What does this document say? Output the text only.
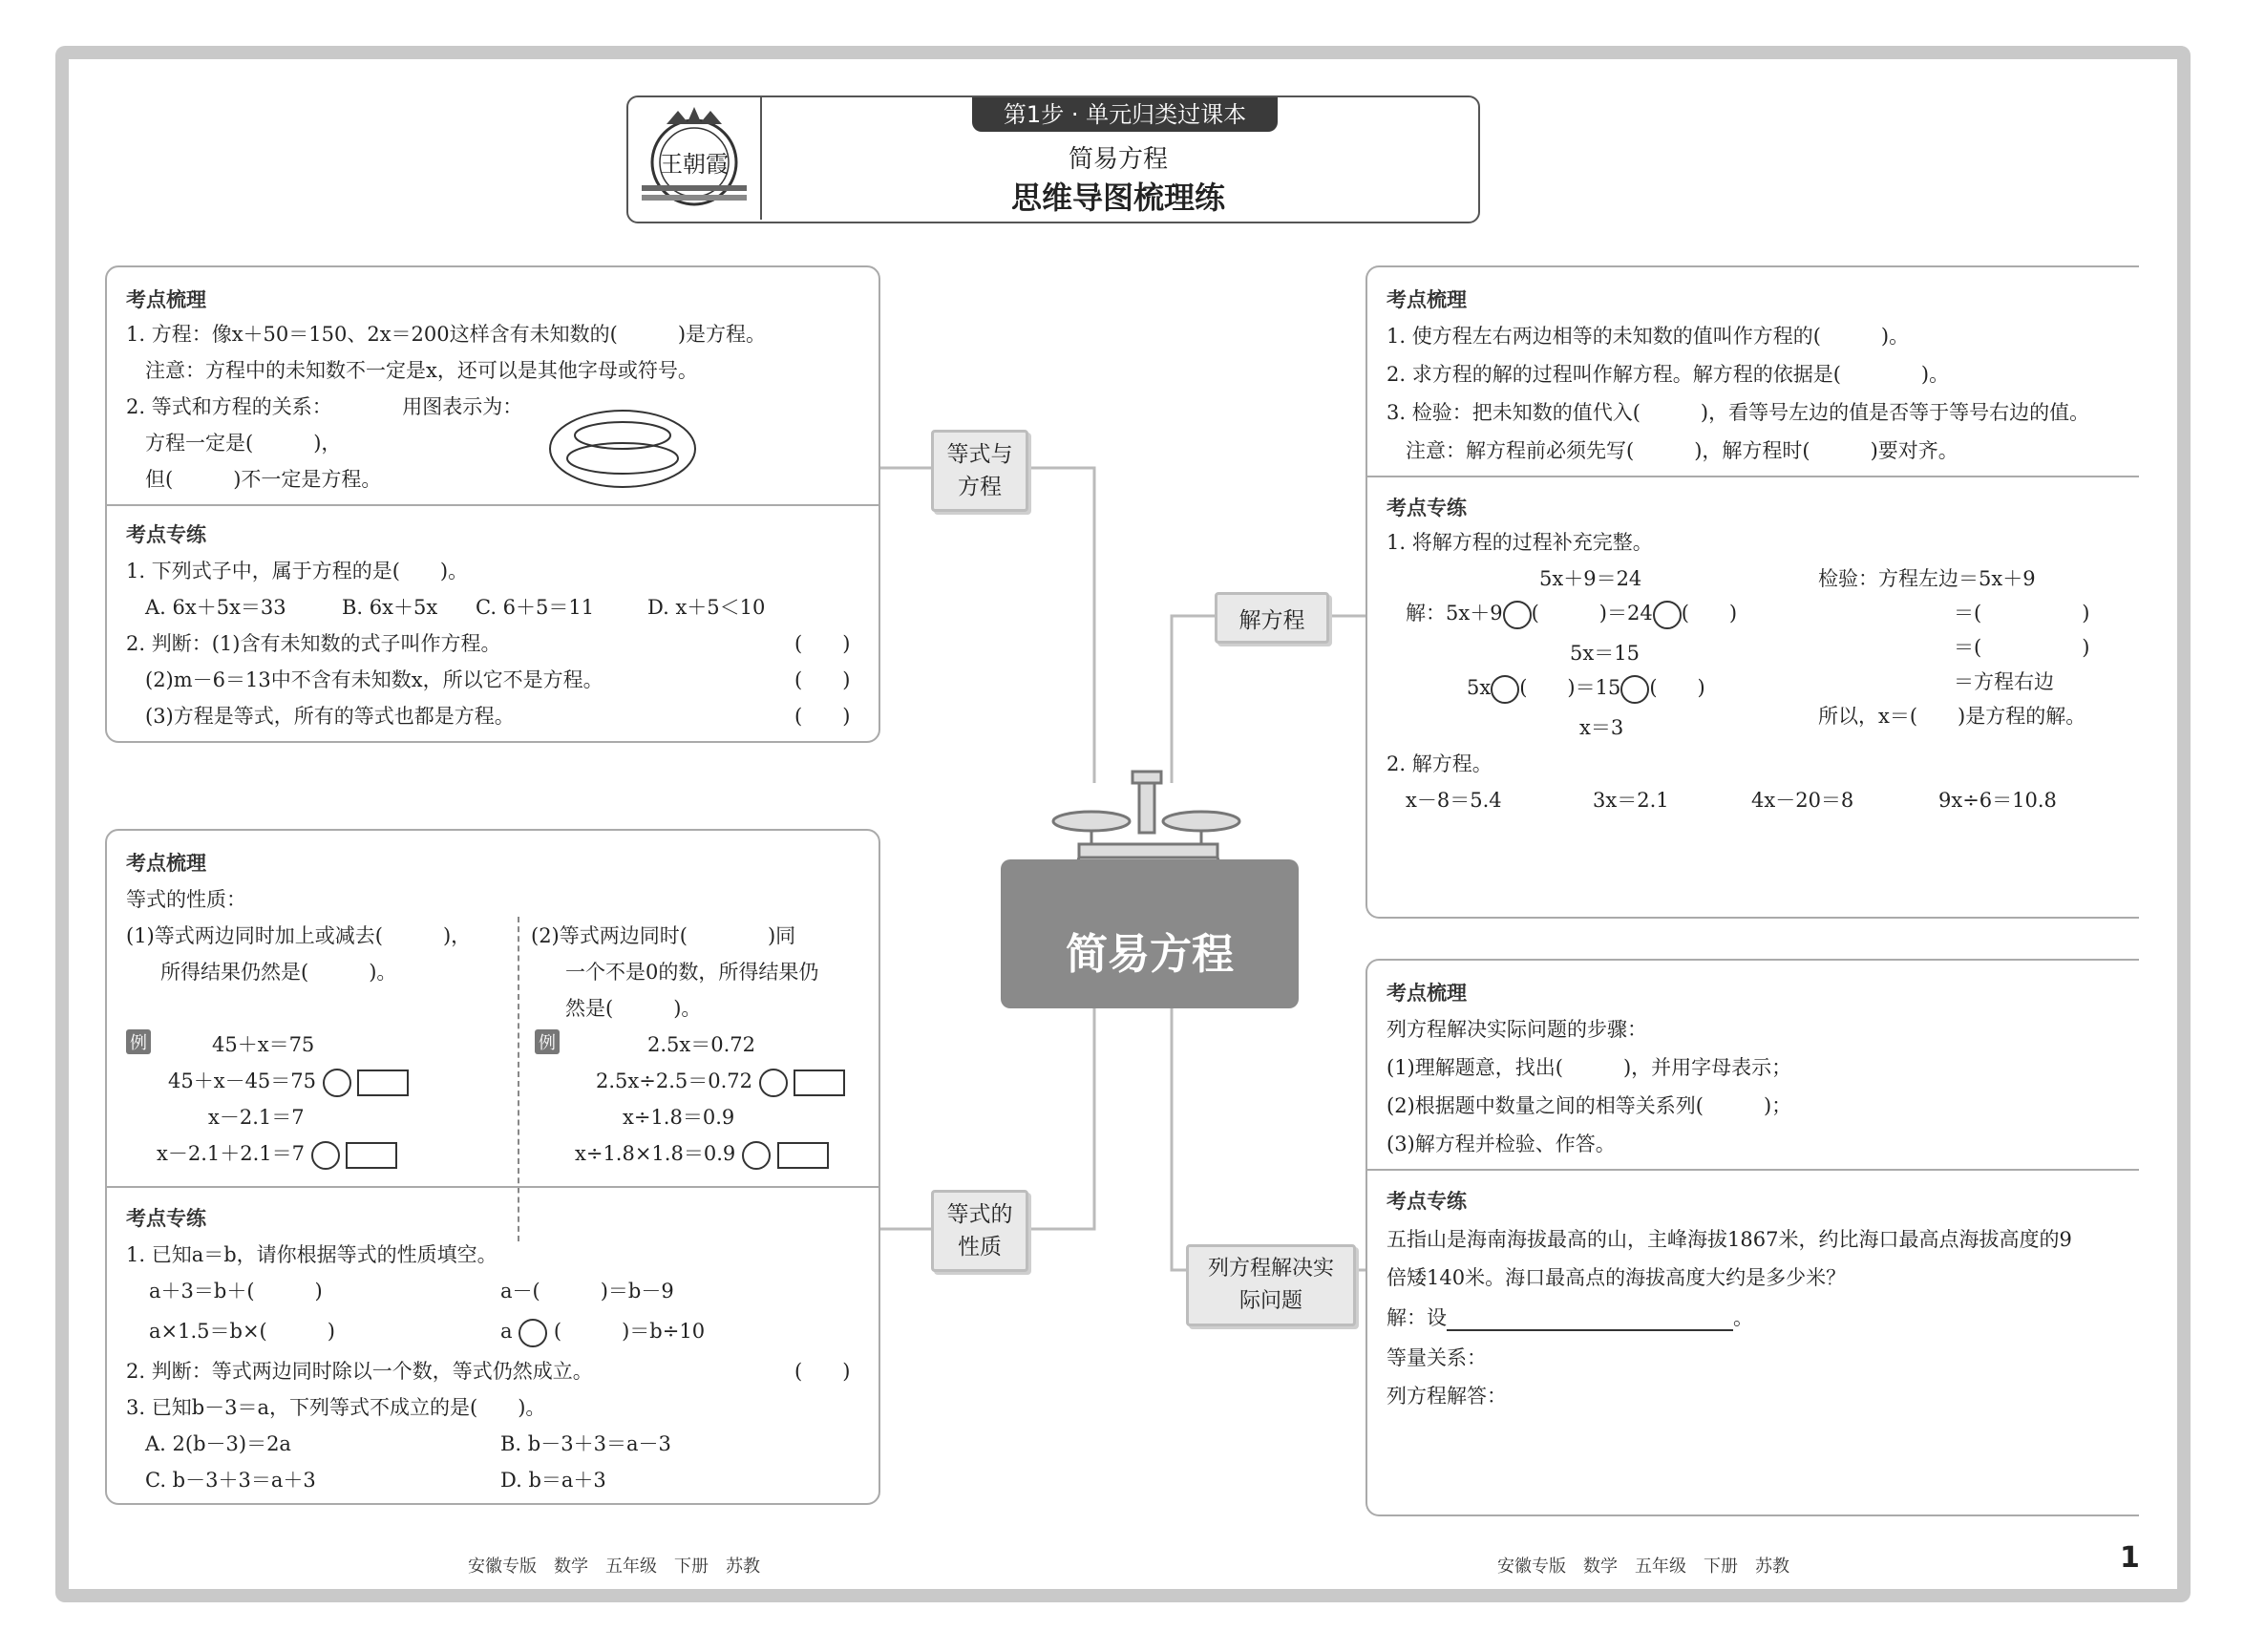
王朝霞
第1步 · 单元归类过课本
简易方程
思维导图梳理练
简易方程
等式与
方程
等式的
性质
解方程
列方程解决实
际问题
考点梳理
1. 方程：像x＋50＝150、2x＝200这样含有未知数的(　　　)是方程。
注意：方程中的未知数不一定是x，还可以是其他字母或符号。
2. 等式和方程的关系：　　　　用图表示为：
方程一定是(　　　)，
但(　　　)不一定是方程。
考点专练
1. 下列式子中，属于方程的是(　　)。
A. 6x＋5x＝33	B. 6x＋5x C. 6＋5＝11	D. x＋5＜10
2. 判断：(1)含有未知数的式子叫作方程。	(　　)
(2)m－6＝13中不含有未知数x，所以它不是方程。	(　　)
(3)方程是等式，所有的等式也都是方程。	(　　)
考点梳理
等式的性质：
(1)等式两边同时加上或减去(　　　)，
所得结果仍然是(　　　)。
(2)等式两边同时(　　　　)同
一个不是0的数，所得结果仍
然是(　　　)。
例	45＋x＝75
45＋x－45＝75
x－2.1＝7
x－2.1＋2.1＝7
例	2.5x＝0.72
2.5x÷2.5＝0.72
x÷1.8＝0.9
x÷1.8×1.8＝0.9
考点专练
1. 已知a＝b，请你根据等式的性质填空。
a＋3＝b＋(　　　)	a－(　　　)＝b－9
a×1.5＝b×(　　　)	a (　　　)＝b÷10
2. 判断：等式两边同时除以一个数，等式仍然成立。	(　　)
3. 已知b－3＝a，下列等式不成立的是(　　)。
A. 2(b－3)＝2a	B. b－3＋3＝a－3
C. b－3＋3＝a＋3	D. b＝a＋3
考点梳理
1. 使方程左右两边相等的未知数的值叫作方程的(　　　)。
2. 求方程的解的过程叫作解方程。解方程的依据是(　　　　)。
3. 检验：把未知数的值代入(　　　)，看等号左边的值是否等于等号右边的值。
注意：解方程前必须先写(　　　)，解方程时(　　　)要对齐。
考点专练
1. 将解方程的过程补充完整。
5x＋9＝24
解：5x＋9 (　　　)＝24 (　　)
5x＝15
5x (　　)＝15 (　　)
x＝3
检验：方程左边＝5x＋9
＝(　　　　　)
＝(　　　　　)
＝方程右边
所以，x＝(　　)是方程的解。
2. 解方程。
x－8＝5.4	3x＝2.1	4x－20＝8	9x÷6＝10.8
考点梳理
列方程解决实际问题的步骤：
(1)理解题意，找出(　　　)，并用字母表示；
(2)根据题中数量之间的相等关系列(　　　)；
(3)解方程并检验、作答。
考点专练
五指山是海南海拔最高的山，主峰海拔1867米，约比海口最高点海拔高度的9
倍矮140米。海口最高点的海拔高度大约是多少米？
解：设	。
等量关系：
列方程解答：
安徽专版　数学　五年级　下册　苏教	安徽专版　数学　五年级　下册　苏教	1
